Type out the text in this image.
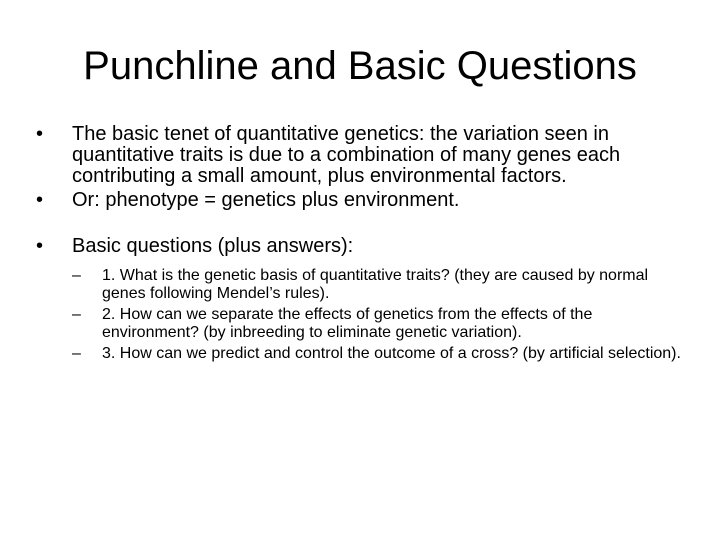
Punchline and Basic Questions
• The basic tenet of quantitative genetics: the variation seen in quantitative traits is due to a combination of many genes each contributing a small amount, plus environmental factors.
• Or: phenotype = genetics plus environment.
• Basic questions (plus answers):
– 1. What is the genetic basis of quantitative traits? (they are caused by normal genes following Mendel’s rules).
– 2. How can we separate the effects of genetics from the effects of the environment? (by inbreeding to eliminate genetic variation).
– 3. How can we predict and control the outcome of a cross? (by artificial selection).
